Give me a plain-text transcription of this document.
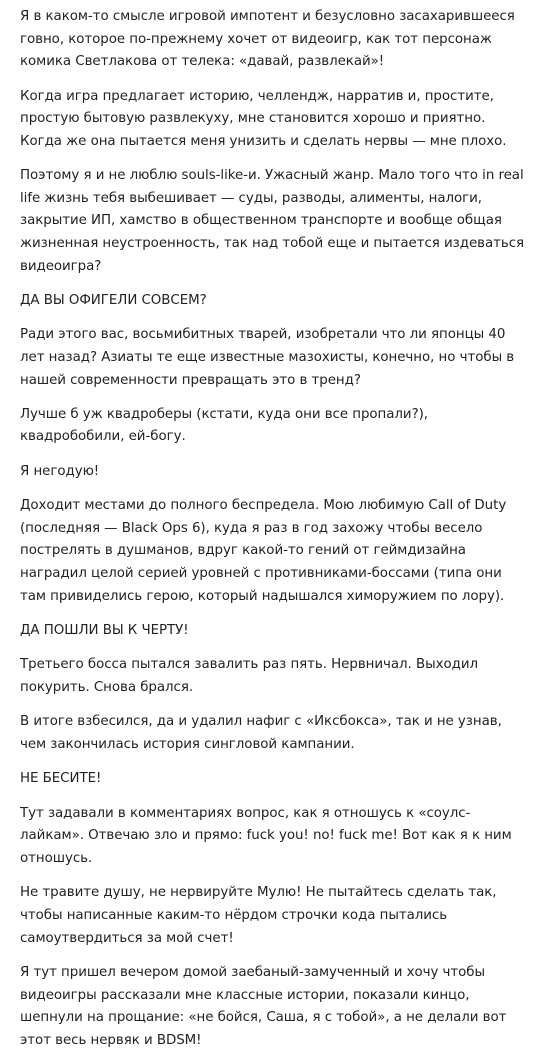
Я в каком-то смысле игровой импотент и безусловно засахарившееся говно, которое по-прежнему хочет от видеоигр, как тот персонаж комика Светлакова от телека: «давай, развлекай»!

Когда игра предлагает историю, челлендж, нарратив и, простите, простую бытовую развлекуху, мне становится хорошо и приятно. Когда же она пытается меня унизить и сделать нервы — мне плохо.

Поэтому я и не люблю souls-like-и. Ужасный жанр. Мало того что in real life жизнь тебя выбешивает — суды, разводы, алименты, налоги, закрытие ИП, хамство в общественном транспорте и вообще общая жизненная неустроенность, так над тобой еще и пытается издеваться видеоигра?

ДА ВЫ ОФИГЕЛИ СОВСЕМ?

Ради этого вас, восьмибитных тварей, изобретали что ли японцы 40 лет назад? Азиаты те еще известные мазохисты, конечно, но чтобы в нашей современности превращать это в тренд?

Лучше б уж квадроберы (кстати, куда они все пропали?), квадробобили, ей-богу.

Я негодую!

Доходит местами до полного беспредела. Мою любимую Call of Duty (последняя — Black Ops 6), куда я раз в год захожу чтобы весело пострелять в душманов, вдруг какой-то гений от геймдизайна наградил целой серией уровней с противниками-боссами (типа они там привиделись герою, который надышался химоружием по лору).

ДА ПОШЛИ ВЫ К ЧЕРТУ!

Третьего босса пытался завалить раз пять. Нервничал. Выходил покурить. Снова брался.

В итоге взбесился, да и удалил нафиг с «Иксбокса», так и не узнав, чем закончилась история сингловой кампании.

НЕ БЕСИТЕ!

Тут задавали в комментариях вопрос, как я отношусь к «соулс-лайкам». Отвечаю зло и прямо: fuck you! no! fuck me! Вот как я к ним отношусь.

Не травите душу, не нервируйте Мулю! Не пытайтесь сделать так, чтобы написанные каким-то нёрдом строчки кода пытались самоутвердиться за мой счет!

Я тут пришел вечером домой заебаный-замученный и хочу чтобы видеоигры рассказали мне классные истории, показали кинцо, шепнули на прощание: «не бойся, Саша, я с тобой», а не делали вот этот весь нервяк и BDSM!
